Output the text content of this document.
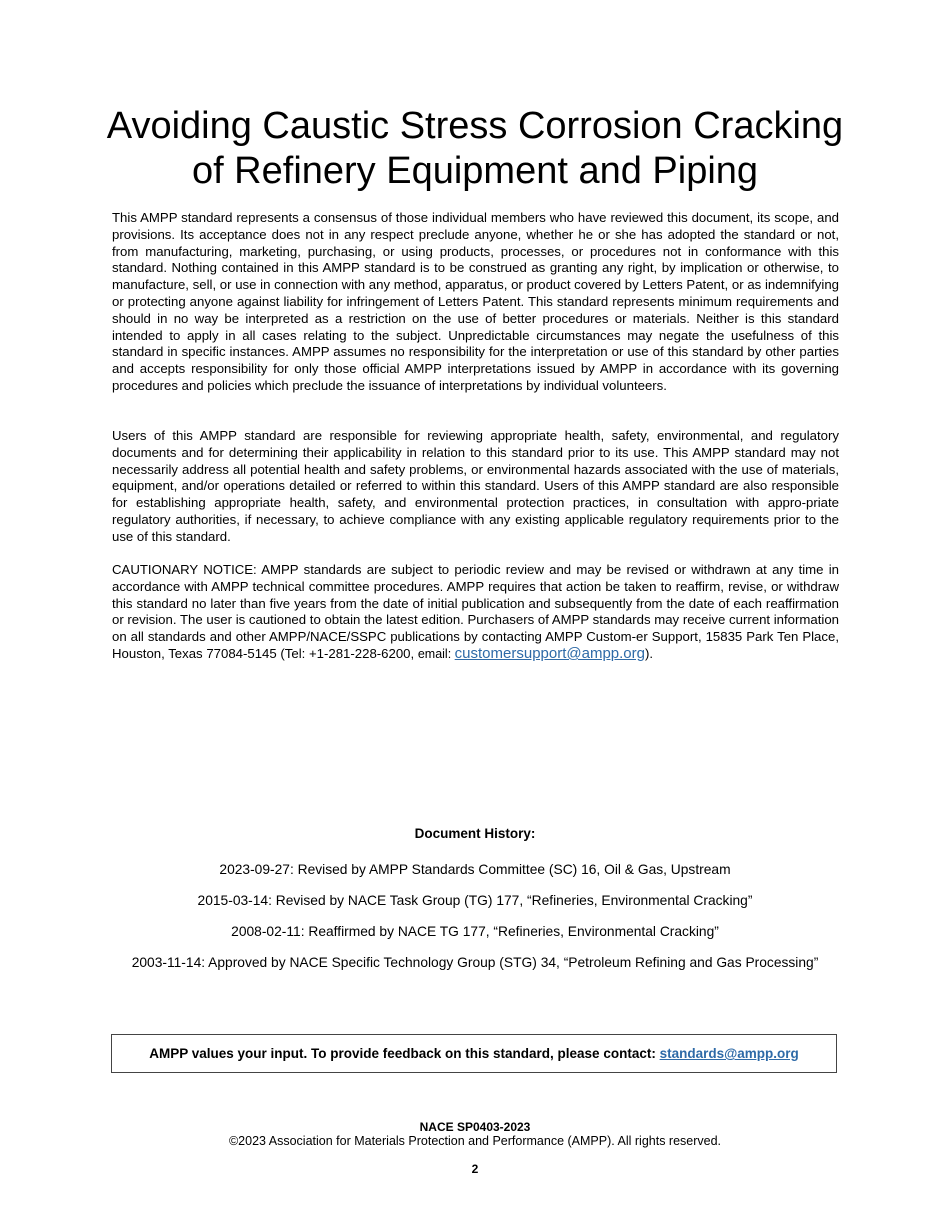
Avoiding Caustic Stress Corrosion Cracking
of Refinery Equipment and Piping

This AMPP standard represents a consensus of those individual members who have reviewed this document, its scope, and provisions. Its acceptance does not in any respect preclude anyone, whether he or she has adopted the standard or not, from manufacturing, marketing, purchasing, or using products, processes, or procedures not in conformance with this standard. Nothing contained in this AMPP standard is to be construed as granting any right, by implication or otherwise, to manufacture, sell, or use in connection with any method, apparatus, or product covered by Letters Patent, or as indemnifying or protecting anyone against liability for infringement of Letters Patent. This standard represents minimum requirements and should in no way be interpreted as a restriction on the use of better procedures or materials. Neither is this standard intended to apply in all cases relating to the subject. Unpredictable circumstances may negate the usefulness of this standard in specific instances. AMPP assumes no responsibility for the interpretation or use of this standard by other parties and accepts responsibility for only those official AMPP interpretations issued by AMPP in accordance with its governing procedures and policies which preclude the issuance of interpretations by individual volunteers.

Users of this AMPP standard are responsible for reviewing appropriate health, safety, environmental, and regulatory documents and for determining their applicability in relation to this standard prior to its use. This AMPP standard may not necessarily address all potential health and safety problems, or environmental hazards associated with the use of materials, equipment, and/or operations detailed or referred to within this standard. Users of this AMPP standard are also responsible for establishing appropriate health, safety, and environmental protection practices, in consultation with appro-priate regulatory authorities, if necessary, to achieve compliance with any existing applicable regulatory requirements prior to the use of this standard.

CAUTIONARY NOTICE: AMPP standards are subject to periodic review and may be revised or withdrawn at any time in accordance with AMPP technical committee procedures. AMPP requires that action be taken to reaffirm, revise, or withdraw this standard no later than five years from the date of initial publication and subsequently from the date of each reaffirmation or revision. The user is cautioned to obtain the latest edition. Purchasers of AMPP standards may receive current information on all standards and other AMPP/NACE/SSPC publications by contacting AMPP Custom-er Support, 15835 Park Ten Place, Houston, Texas 77084-5145 (Tel: +1-281-228-6200, email: customersupport@ampp.org).

Document History:

2023-09-27: Revised by AMPP Standards Committee (SC) 16, Oil & Gas, Upstream
2015-03-14: Revised by NACE Task Group (TG) 177, “Refineries, Environmental Cracking”
2008-02-11: Reaffirmed by NACE TG 177, “Refineries, Environmental Cracking”
2003-11-14: Approved by NACE Specific Technology Group (STG) 34, “Petroleum Refining and Gas Processing”
AMPP values your input. To provide feedback on this standard, please contact: standards@ampp.org

NACE SP0403-2023

©2023 Association for Materials Protection and Performance (AMPP). All rights reserved.

2
